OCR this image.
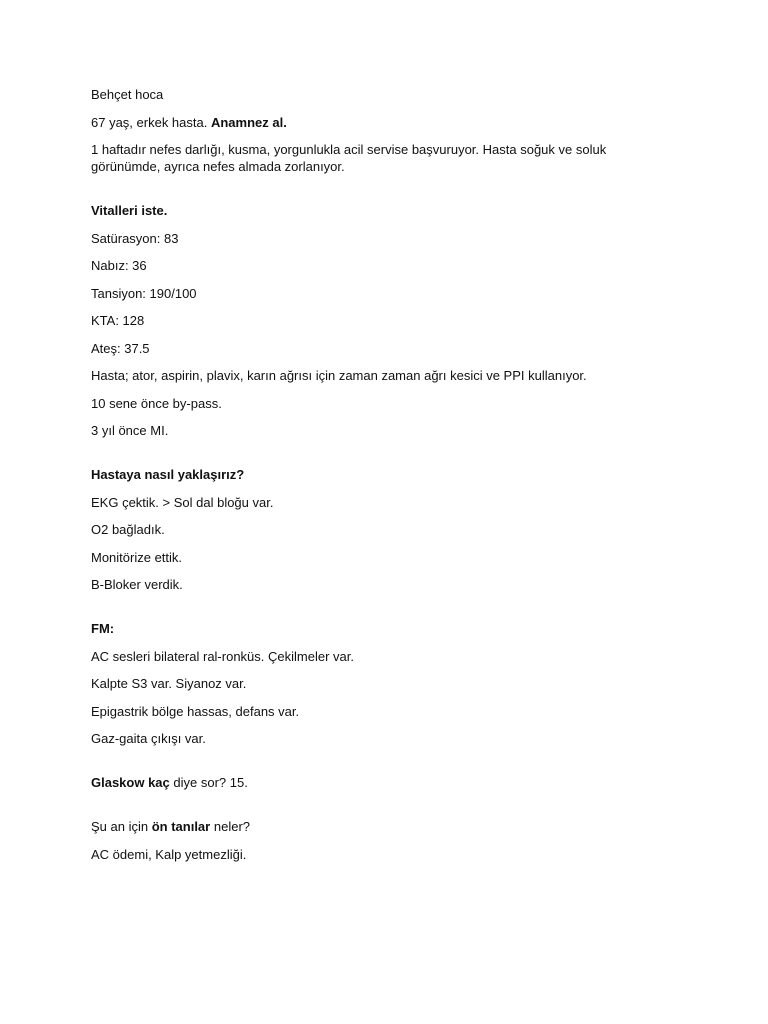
Behçet hoca
67 yaş, erkek hasta. Anamnez al.
1 haftadır nefes darlığı, kusma, yorgunlukla acil servise başvuruyor. Hasta soğuk ve soluk görünümde, ayrıca nefes almada zorlanıyor.
Vitalleri iste.
Satürasyon: 83
Nabız: 36
Tansiyon: 190/100
KTA: 128
Ateş: 37.5
Hasta; ator, aspirin, plavix, karın ağrısı için zaman zaman ağrı kesici ve PPI kullanıyor.
10 sene önce by-pass.
3 yıl önce MI.
Hastaya nasıl yaklaşırız?
EKG çektik. > Sol dal bloğu var.
O2 bağladık.
Monitörize ettik.
B-Bloker verdik.
FM:
AC sesleri bilateral ral-ronküs. Çekilmeler var.
Kalpte S3 var. Siyanoz var.
Epigastrik bölge hassas, defans var.
Gaz-gaita çıkışı var.
Glaskow kaç diye sor? 15.
Şu an için ön tanılar neler?
AC ödemi, Kalp yetmezliği.
